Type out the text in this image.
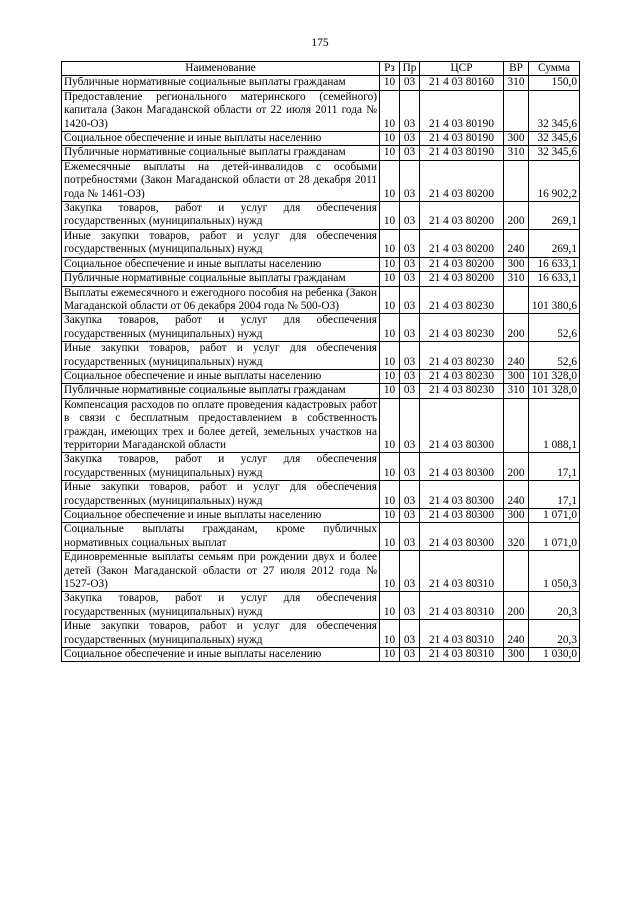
175
Наименование	Рз	Пр	ЦСР	ВР	Сумма
Публичные нормативные социальные выплаты гражданам	10	03	21 4 03 80160	310	150,0
Предоставление регионального материнского (семейного) капитала (Закон Магаданской области от 22 июля 2011 года № 1420-ОЗ)	10	03	21 4 03 80190		32 345,6
Социальное обеспечение и иные выплаты населению	10	03	21 4 03 80190	300	32 345,6
Публичные нормативные социальные выплаты гражданам	10	03	21 4 03 80190	310	32 345,6
Ежемесячные выплаты на детей-инвалидов с особыми потребностями (Закон Магаданской области от 28 декабря 2011 года № 1461-ОЗ)	10	03	21 4 03 80200		16 902,2
Закупка товаров, работ и услуг для обеспечения государственных (муниципальных) нужд	10	03	21 4 03 80200	200	269,1
Иные закупки товаров, работ и услуг для обеспечения государственных (муниципальных) нужд	10	03	21 4 03 80200	240	269,1
Социальное обеспечение и иные выплаты населению	10	03	21 4 03 80200	300	16 633,1
Публичные нормативные социальные выплаты гражданам	10	03	21 4 03 80200	310	16 633,1
Выплаты ежемесячного и ежегодного пособия на ребенка (Закон Магаданской области от 06 декабря 2004 года № 500-ОЗ)	10	03	21 4 03 80230		101 380,6
Закупка товаров, работ и услуг для обеспечения государственных (муниципальных) нужд	10	03	21 4 03 80230	200	52,6
Иные закупки товаров, работ и услуг для обеспечения государственных (муниципальных) нужд	10	03	21 4 03 80230	240	52,6
Социальное обеспечение и иные выплаты населению	10	03	21 4 03 80230	300	101 328,0
Публичные нормативные социальные выплаты гражданам	10	03	21 4 03 80230	310	101 328,0
Компенсация расходов по оплате проведения кадастровых работ в связи с бесплатным предоставлением в собственность граждан, имеющих трех и более детей, земельных участков на территории Магаданской области	10	03	21 4 03 80300		1 088,1
Закупка товаров, работ и услуг для обеспечения государственных (муниципальных) нужд	10	03	21 4 03 80300	200	17,1
Иные закупки товаров, работ и услуг для обеспечения государственных (муниципальных) нужд	10	03	21 4 03 80300	240	17,1
Социальное обеспечение и иные выплаты населению	10	03	21 4 03 80300	300	1 071,0
Социальные выплаты гражданам, кроме публичных нормативных социальных выплат	10	03	21 4 03 80300	320	1 071,0
Единовременные выплаты семьям при рождении двух и более детей (Закон Магаданской области от 27 июля 2012 года № 1527-ОЗ)	10	03	21 4 03 80310		1 050,3
Закупка товаров, работ и услуг для обеспечения государственных (муниципальных) нужд	10	03	21 4 03 80310	200	20,3
Иные закупки товаров, работ и услуг для обеспечения государственных (муниципальных) нужд	10	03	21 4 03 80310	240	20,3
Социальное обеспечение и иные выплаты населению	10	03	21 4 03 80310	300	1 030,0
